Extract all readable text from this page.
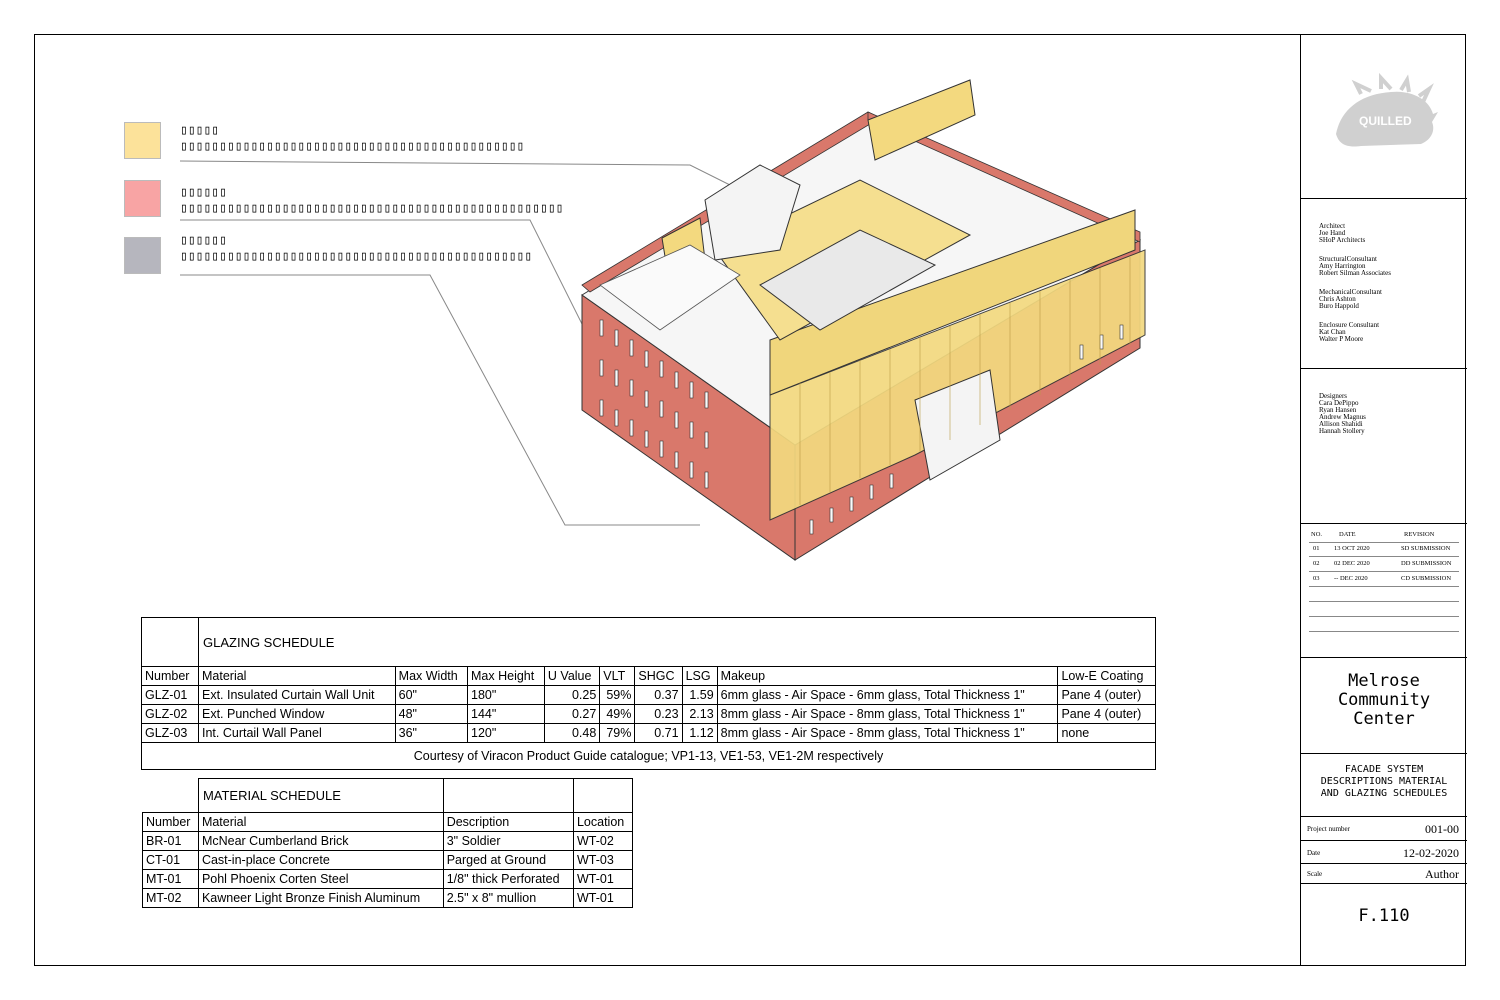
▯▯▯▯▯
▯▯▯▯▯▯▯▯▯▯▯▯▯▯▯▯▯▯▯▯▯▯▯▯▯▯▯▯▯▯▯▯▯▯▯▯▯▯▯▯▯▯▯▯
▯▯▯▯▯▯
▯▯▯▯▯▯▯▯▯▯▯▯▯▯▯▯▯▯▯▯▯▯▯▯▯▯▯▯▯▯▯▯▯▯▯▯▯▯▯▯▯▯▯▯▯▯▯▯▯
▯▯▯▯▯▯
▯▯▯▯▯▯▯▯▯▯▯▯▯▯▯▯▯▯▯▯▯▯▯▯▯▯▯▯▯▯▯▯▯▯▯▯▯▯▯▯▯▯▯▯▯
	GLAZING SCHEDULE								
Number	Material	Max Width	Max Height	U Value	VLT	SHGC	LSG	Makeup	Low-E Coating
GLZ-01	Ext. Insulated Curtain Wall Unit	60"	180"	0.25	59%	0.37	1.59	6mm glass - Air Space - 6mm glass, Total Thickness 1"	Pane 4 (outer)
GLZ-02	Ext. Punched Window	48"	144"	0.27	49%	0.23	2.13	8mm glass - Air Space - 8mm glass, Total Thickness 1"	Pane 4 (outer)
GLZ-03	Int. Curtail Wall Panel	36"	120"	0.48	79%	0.71	1.12	8mm glass - Air Space - 8mm glass, Total Thickness 1"	none
Courtesy of Viracon Product Guide catalogue; VP1-13, VE1-53, VE1-2M respectively									
	MATERIAL SCHEDULE		
Number	Material	Description	Location
BR-01	McNear Cumberland Brick	3" Soldier	WT-02
CT-01	Cast-in-place Concrete	Parged at Ground	WT-03
MT-01	Pohl Phoenix Corten Steel	1/8" thick Perforated	WT-01
MT-02	Kawneer Light Bronze Finish Aluminum	2.5" x 8" mullion	WT-01
QUILLED
Architect
Joe Hand
SHoP Architects
StructuralConsultant
Amy Harrington
Robert Silman Associates
MechanicalConsultant
Chris Ashton
Buro Happold
Enclosure Consultant
Kat Chan
Walter P Moore
Designers
Cara DePippo
Ryan Hansen
Andrew Magnus
Allison Shahidi
Hannah Stollery
NO.	DATE	REVISION
01 13 OCT 2020	SD SUBMISSION
02 02 DEC 2020	DD SUBMISSION
03 -- DEC 2020	CD SUBMISSION
Melrose Community Center
FACADE SYSTEM DESCRIPTIONS MATERIAL AND GLAZING SCHEDULES
Project number	001-00
Date	12-02-2020
Scale	Author
F.110
